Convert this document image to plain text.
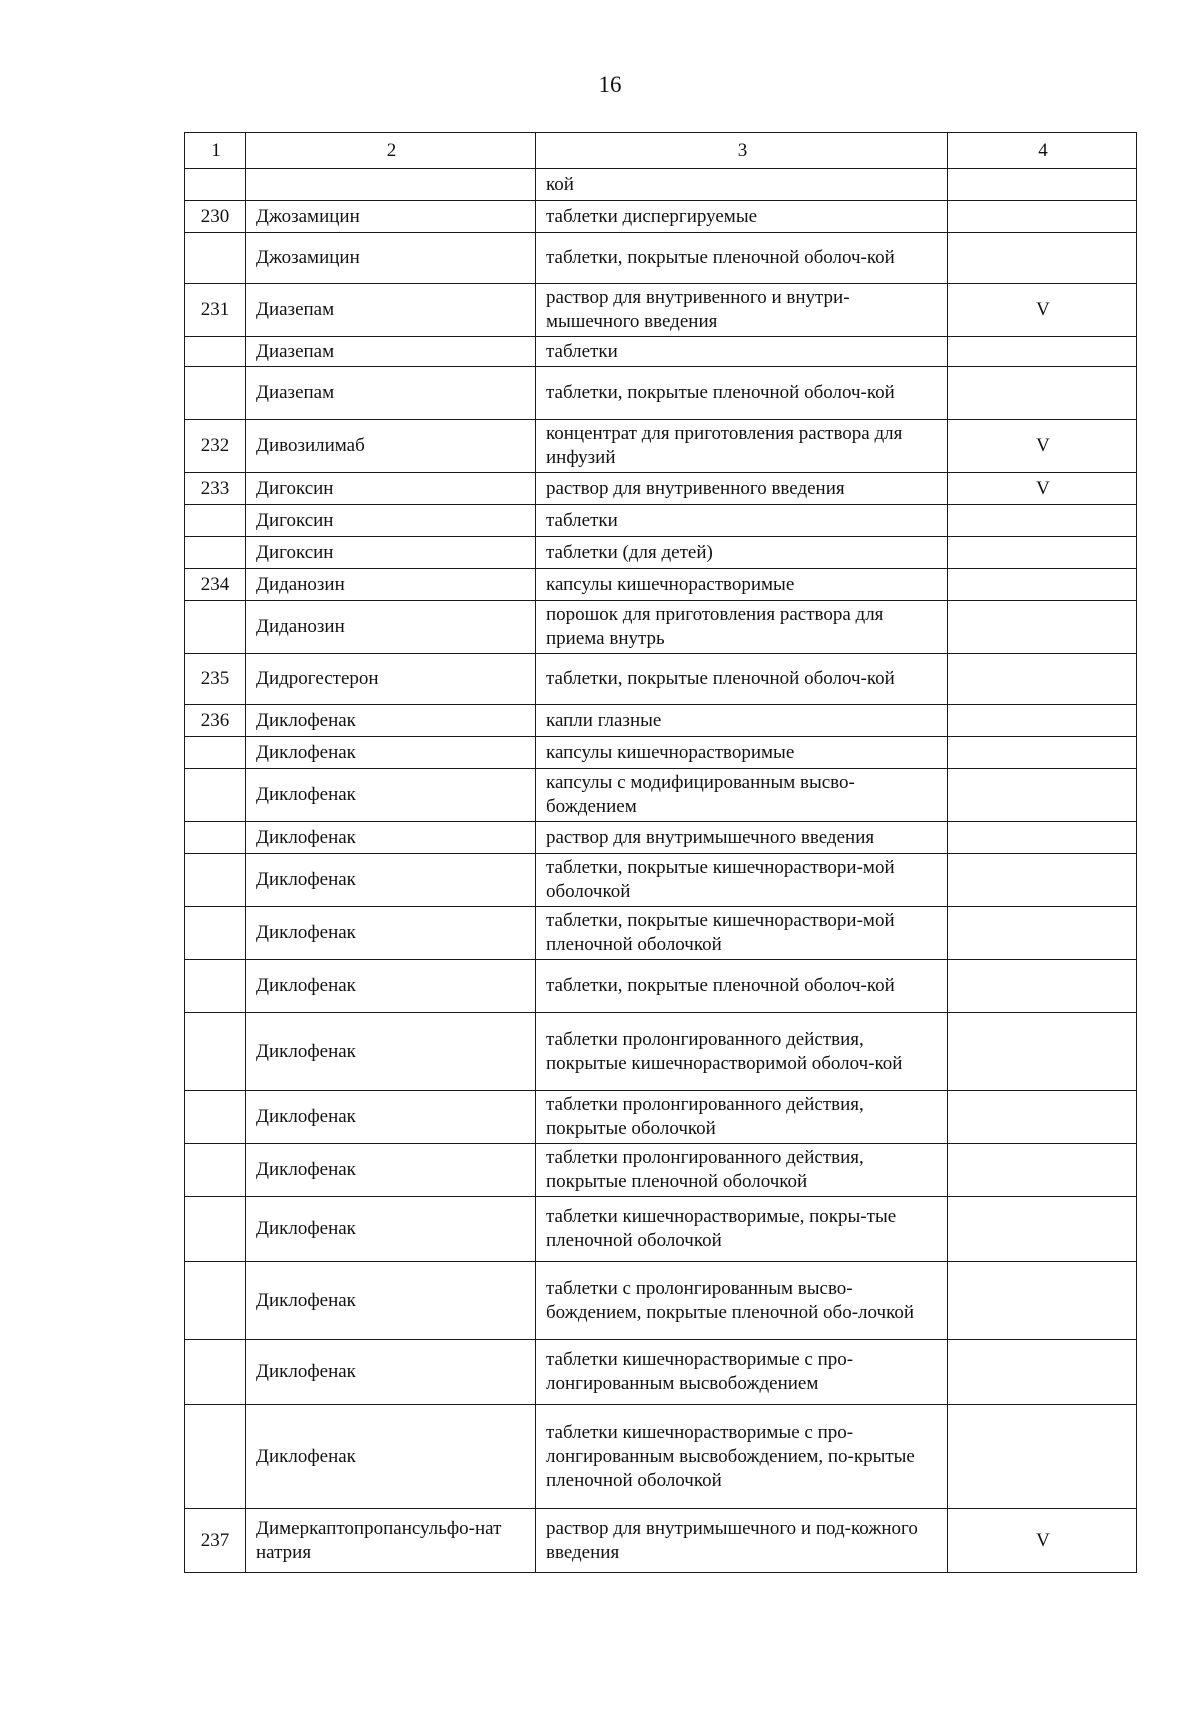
16
1	2	3	4
		кой	
230	Джозамицин	таблетки диспергируемые	
	Джозамицин	таблетки, покрытые пленочной оболоч-кой	
231	Диазепам	раствор для внутривенного и внутри-мышечного введения	V
	Диазепам	таблетки	
	Диазепам	таблетки, покрытые пленочной оболоч-кой	
232	Дивозилимаб	концентрат для приготовления раствора для инфузий	V
233	Дигоксин	раствор для внутривенного введения	V
	Дигоксин	таблетки	
	Дигоксин	таблетки (для детей)	
234	Диданозин	капсулы кишечнорастворимые	
	Диданозин	порошок для приготовления раствора для приема внутрь	
235	Дидрогестерон	таблетки, покрытые пленочной оболоч-кой	
236	Диклофенак	капли глазные	
	Диклофенак	капсулы кишечнорастворимые	
	Диклофенак	капсулы с модифицированным высво-бождением	
	Диклофенак	раствор для внутримышечного введения	
	Диклофенак	таблетки, покрытые кишечнораствори-мой оболочкой	
	Диклофенак	таблетки, покрытые кишечнораствори-мой пленочной оболочкой	
	Диклофенак	таблетки, покрытые пленочной оболоч-кой	
	Диклофенак	таблетки пролонгированного действия, покрытые кишечнорастворимой оболоч-кой	
	Диклофенак	таблетки пролонгированного действия, покрытые оболочкой	
	Диклофенак	таблетки пролонгированного действия, покрытые пленочной оболочкой	
	Диклофенак	таблетки кишечнорастворимые, покры-тые пленочной оболочкой	
	Диклофенак	таблетки с пролонгированным высво-бождением, покрытые пленочной обо-лочкой	
	Диклофенак	таблетки кишечнорастворимые с про-лонгированным высвобождением	
	Диклофенак	таблетки кишечнорастворимые с про-лонгированным высвобождением, по-крытые пленочной оболочкой	
237	Димеркаптопропансульфо-нат натрия	раствор для внутримышечного и под-кожного введения	V
